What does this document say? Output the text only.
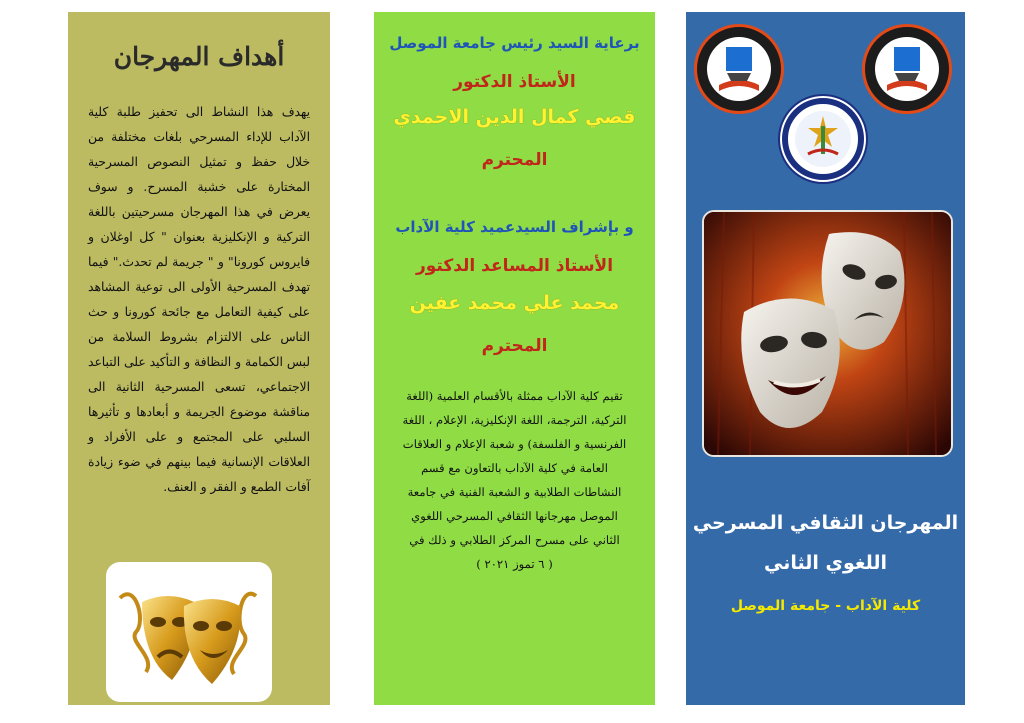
أهداف المهرجان
يهدف هذا النشاط الى تحفيز طلبة كلية الآداب للإداء المسرحي بلغات مختلفة من خلال حفظ و تمثيل النصوص المسرحية المختارة على خشبة المسرح. و سوف يعرض في هذا المهرجان مسرحيتين باللغة التركية و الإنكليزية بعنوان " كل اوغلان و فايروس كورونا" و " جريمة لم تحدث." فيما تهدف المسرحية الأولى الى توعية المشاهد على كيفية التعامل مع جائحة كورونا و حث الناس على الالتزام بشروط السلامة من لبس الكمامة و النظافة و التأكيد على التباعد الاجتماعي، تسعى المسرحية الثانية الى مناقشة موضوع الجريمة و أبعادها و تأثيرها السلبي على المجتمع و على الأفراد و العلاقات الإنسانية فيما بينهم في ضوء زيادة آفات الطمع و الفقر و العنف.
برعاية السيد رئيس جامعة الموصل
الأستاذ الدكتور
قصي كمال الدين الاحمدي
المحترم
و بإشراف السيدعميد كلية الآداب
الأستاذ المساعد الدكتور
محمد علي محمد عفين
المحترم
تقيم كلية الآداب ممثلة بالأقسام العلمية (اللغة التركية، الترجمة، اللغة الإنكليزية، الإعلام ، اللغة الفرنسية و الفلسفة) و شعبة الإعلام و العلاقات العامة في كلية الآداب بالتعاون مع قسم النشاطات الطلابية و الشعبة الفنية في جامعة الموصل مهرجانها الثقافي المسرحي اللغوي الثاني على مسرح المركز الطلابي و ذلك في
( ٦ تموز ٢٠٢١ )
المهرجان الثقافي المسرحي
اللغوي الثاني
كلية الآداب - جامعة الموصل
